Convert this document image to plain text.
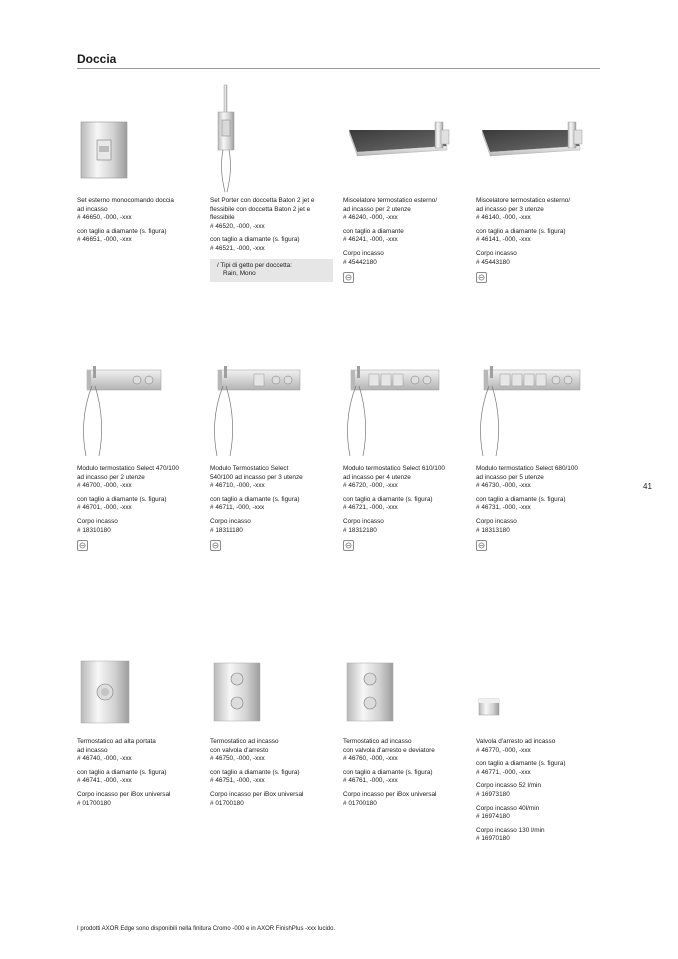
Doccia
41
Set esterno monocomando doccia
ad incasso
# 46650, -000, -xxx
con taglio a diamante (s. figura)
# 46651, -000, -xxx
Set Porter con doccetta Baton 2 jet e
flessibile con doccetta Baton 2 jet e
flessibile
# 46520, -000, -xxx
con taglio a diamante (s. figura)
# 46521, -000, -xxx
/ Tipi di getto per doccetta:
Rain, Mono
Miscelatore termostatico esterno/
ad incasso per 2 utenze
# 46240, -000, -xxx
con taglio a diamante
# 46241, -000, -xxx
Corpo incasso
# 45442180
Miscelatore termostatico esterno/
ad incasso per 3 utenze
# 46140, -000, -xxx
con taglio a diamante (s. figura)
# 46141, -000, -xxx
Corpo incasso
# 45443180
Modulo termostatico Select 470/100
ad incasso per 2 utenze
# 46700, -000, -xxx
con taglio a diamante (s. figura)
# 46701, -000, -xxx
Corpo incasso
# 18310180
Modulo Termostatico Select
540/100 ad incasso per 3 utenze
# 46710, -000, -xxx
con taglio a diamante (s. figura)
# 46711, -000, -xxx
Corpo incasso
# 18311180
Modulo termostatico Select 610/100
ad incasso per 4 utenze
# 46720, -000, -xxx
con taglio a diamante (s. figura)
# 46721, -000, -xxx
Corpo incasso
# 18312180
Modulo termostatico Select 680/100
ad incasso per 5 utenze
# 46730, -000, -xxx
con taglio a diamante (s. figura)
# 46731, -000, -xxx
Corpo incasso
# 18313180
Termostatico ad alta portata
ad incasso
# 46740, -000, -xxx
con taglio a diamante (s. figura)
# 46741, -000, -xxx
Corpo incasso per iBox universal
# 01700180
Termostatico ad incasso
con valvola d'arresto
# 46750, -000, -xxx
con taglio a diamante (s. figura)
# 46751, -000, -xxx
Corpo incasso per iBox universal
# 01700180
Termostatico ad incasso
con valvola d'arresto e deviatore
# 46760, -000, -xxx
con taglio a diamante (s. figura)
# 46761, -000, -xxx
Corpo incasso per iBox universal
# 01700180
Valvola d'arresto ad incasso
# 46770, -000, -xxx
con taglio a diamante (s. figura)
# 46771, -000, -xxx
Corpo incasso 52 l/min
# 16973180
Corpo incasso 40l/min
# 16974180
Corpo incasso 130 l/min
# 16970180
I prodotti AXOR Edge sono disponibili nella finitura Cromo -000 e in AXOR FinishPlus -xxx lucido.
